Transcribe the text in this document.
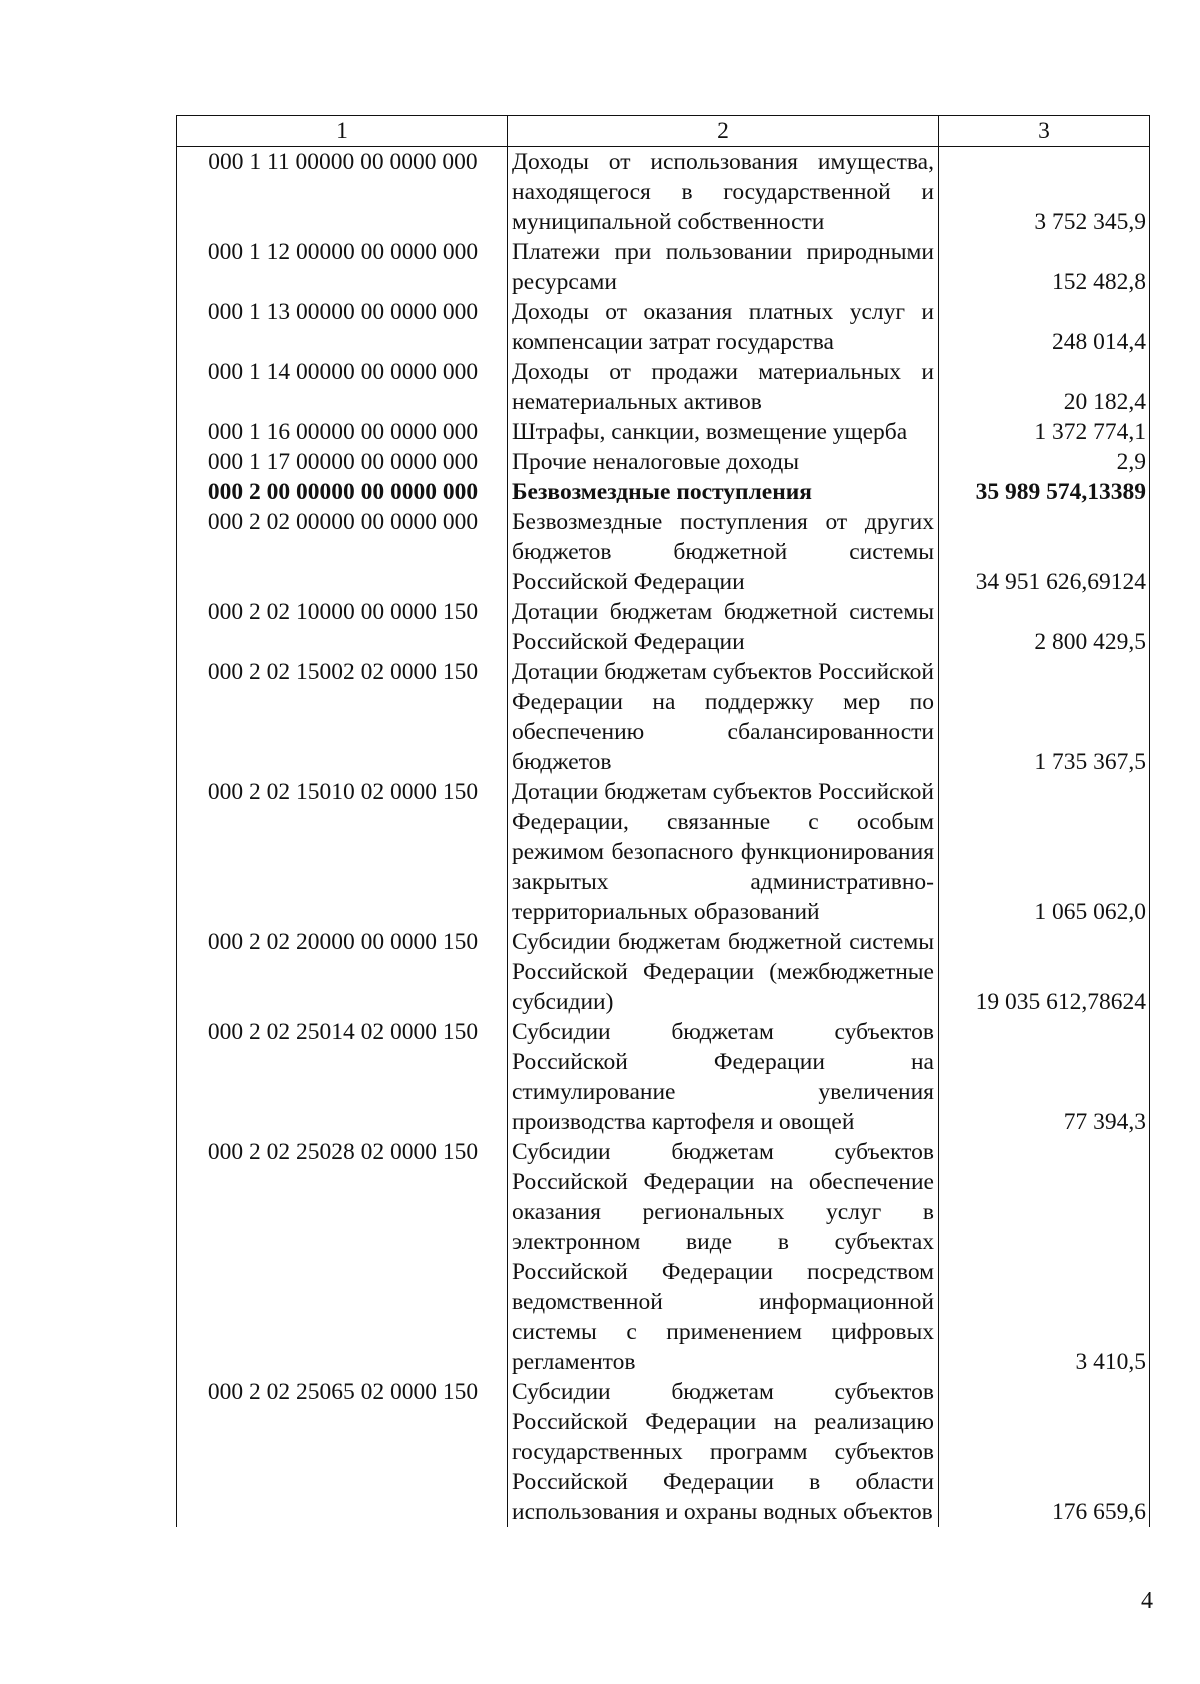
1	2	3
000 1 11 00000 00 0000 000	Доходы от использования имущества, находящегося в государственной и муниципальной собственности	3 752 345,9
000 1 12 00000 00 0000 000	Платежи при пользовании природными ресурсами	152 482,8
000 1 13 00000 00 0000 000	Доходы от оказания платных услуг и компенсации затрат государства	248 014,4
000 1 14 00000 00 0000 000	Доходы от продажи материальных и нематериальных активов	20 182,4
000 1 16 00000 00 0000 000	Штрафы, санкции, возмещение ущерба	1 372 774,1
000 1 17 00000 00 0000 000	Прочие неналоговые доходы	2,9
000 2 00 00000 00 0000 000	Безвозмездные поступления	35 989 574,13389
000 2 02 00000 00 0000 000	Безвозмездные поступления от других бюджетов бюджетной системы Российской Федерации	34 951 626,69124
000 2 02 10000 00 0000 150	Дотации бюджетам бюджетной системы Российской Федерации	2 800 429,5
000 2 02 15002 02 0000 150	Дотации бюджетам субъектов Российской Федерации на поддержку мер по обеспечению сбалансированности бюджетов	1 735 367,5
000 2 02 15010 02 0000 150	Дотации бюджетам субъектов Российской Федерации, связанные с особым режимом безопасного функционирования закрытых административно-территориальных образований	1 065 062,0
000 2 02 20000 00 0000 150	Субсидии бюджетам бюджетной системы Российской Федерации (межбюджетные субсидии)	19 035 612,78624
000 2 02 25014 02 0000 150	Субсидии бюджетам субъектов Российской Федерации на стимулирование увеличения производства картофеля и овощей	77 394,3
000 2 02 25028 02 0000 150	Субсидии бюджетам субъектов Российской Федерации на обеспечение оказания региональных услуг в электронном виде в субъектах Российской Федерации посредством ведомственной информационной системы с применением цифровых регламентов	3 410,5
000 2 02 25065 02 0000 150	Субсидии бюджетам субъектов Российской Федерации на реализацию государственных программ субъектов Российской Федерации в области использования и охраны водных объектов	176 659,6
4
